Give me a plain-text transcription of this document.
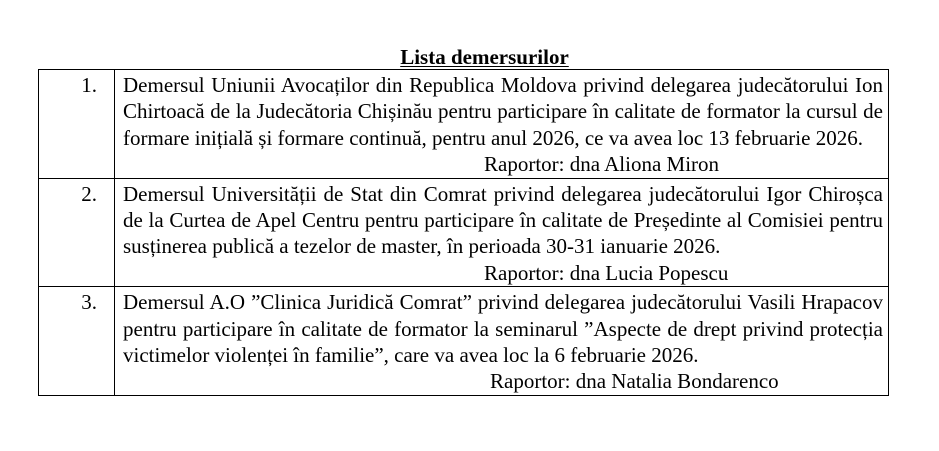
Lista demersurilor
1.	Demersul Uniunii Avocaților din Republica Moldova privind delegarea judecătorului Ion Chirtoacă de la Judecătoria Chișinău pentru participare în calitate de formator la cursul de formare inițială și formare continuă, pentru anul 2026, ce va avea loc 13 februarie 2026.

Raportor: dna Aliona Miron

2.	Demersul Universității de Stat din Comrat privind delegarea judecătorului Igor Chiroșca de la Curtea de Apel Centru pentru participare în calitate de Președinte al Comisiei pentru susținerea publică a tezelor de master, în perioada 30-31 ianuarie 2026.

Raportor: dna Lucia Popescu

3.	Demersul A.O ”Clinica Juridică Comrat” privind delegarea judecătorului Vasili Hrapacov pentru participare în calitate de formator la seminarul ”Aspecte de drept privind protecția victimelor violenței în familie”, care va avea loc la 6 februarie 2026.

Raportor: dna Natalia Bondarenco
